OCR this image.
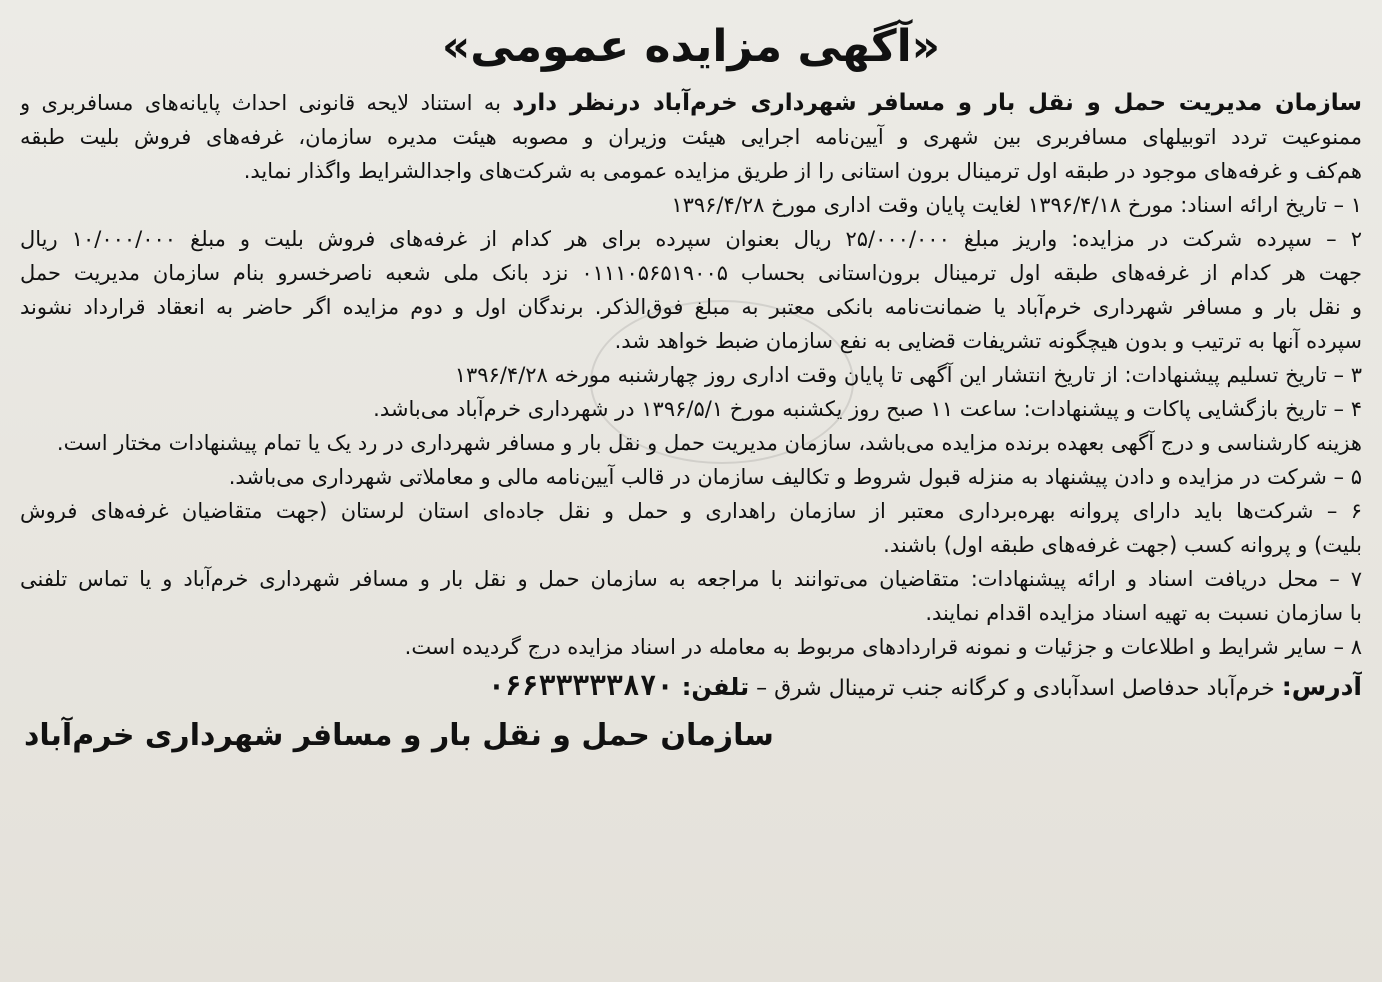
«آگهی مزایده عمومی»
سازمان مدیریت حمل و نقل بار و مسافر شهرداری خرم‌آباد درنظر دارد به استناد لایحه قانونی احداث پایانه‌های مسافربری و
ممنوعیت تردد اتوبیلهای مسافربری بین شهری و آیین‌نامه اجرایی هیئت وزیران و مصوبه هیئت مدیره سازمان، غرفه‌های فروش بلیت طبقه
هم‌کف و غرفه‌های موجود در طبقه اول ترمینال برون استانی را از طریق مزایده عمومی به شرکت‌های واجدالشرایط واگذار نماید.
۱ – تاریخ ارائه اسناد: مورخ ۱۳۹۶/۴/۱۸ لغایت پایان وقت اداری مورخ ۱۳۹۶/۴/۲۸
۲ – سپرده شرکت در مزایده: واریز مبلغ ۲۵/۰۰۰/۰۰۰ ریال بعنوان سپرده برای هر کدام از غرفه‌های فروش بلیت و مبلغ ۱۰/۰۰۰/۰۰۰ ریال
جهت هر کدام از غرفه‌های طبقه اول ترمینال برون‌استانی بحساب ۰۱۱۱۰۵۶۵۱۹۰۰۵ نزد بانک ملی شعبه ناصرخسرو بنام سازمان مدیریت حمل
و نقل بار و مسافر شهرداری خرم‌آباد یا ضمانت‌نامه بانکی معتبر به مبلغ فوق‌الذکر. برندگان اول و دوم مزایده اگر حاضر به انعقاد قرارداد نشوند
سپرده آنها به ترتیب و بدون هیچگونه تشریفات قضایی به نفع سازمان ضبط خواهد شد.
۳ – تاریخ تسلیم پیشنهادات: از تاریخ انتشار این آگهی تا پایان وقت اداری روز چهارشنبه مورخه ۱۳۹۶/۴/۲۸
۴ – تاریخ بازگشایی پاکات و پیشنهادات: ساعت ۱۱ صبح روز یکشنبه مورخ ۱۳۹۶/۵/۱ در شهرداری خرم‌آباد می‌باشد.
هزینه کارشناسی و درج آگهی بعهده برنده مزایده می‌باشد، سازمان مدیریت حمل و نقل بار و مسافر شهرداری در رد یک یا تمام پیشنهادات مختار است.
۵ – شرکت در مزایده و دادن پیشنهاد به منزله قبول شروط و تکالیف سازمان در قالب آیین‌نامه مالی و معاملاتی شهرداری می‌باشد.
۶ – شرکت‌ها باید دارای پروانه بهره‌برداری معتبر از سازمان راهداری و حمل و نقل جاده‌ای استان لرستان (جهت متقاضیان غرفه‌های فروش
بلیت) و پروانه کسب (جهت غرفه‌های طبقه اول) باشند.
۷ – محل دریافت اسناد و ارائه پیشنهادات: متقاضیان می‌توانند با مراجعه به سازمان حمل و نقل بار و مسافر شهرداری خرم‌آباد و یا تماس تلفنی
با سازمان نسبت به تهیه اسناد مزایده اقدام نمایند.
۸ – سایر شرایط و اطلاعات و جزئیات و نمونه قراردادهای مربوط به معامله در اسناد مزایده درج گردیده است.
آدرس: خرم‌آباد حدفاصل اسدآبادی و کرگانه جنب ترمینال شرق – تلفن: ۰۶۶۳۳۳۳۳۸۷۰
سازمان حمل و نقل بار و مسافر شهرداری خرم‌آباد
